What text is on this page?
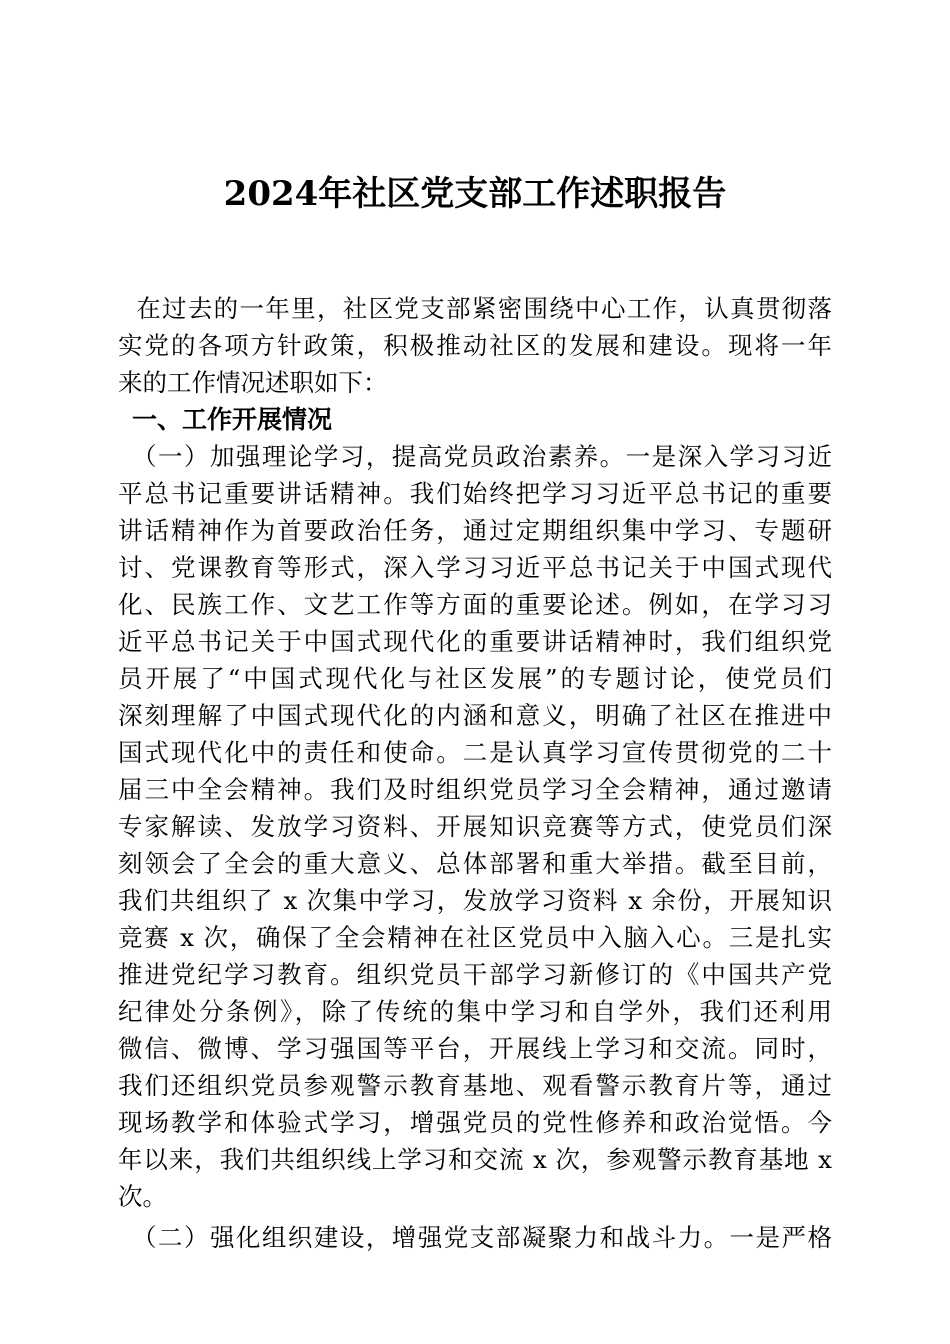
2024年社区党支部工作述职报告
在过去的一年里，社区党支部紧密围绕中心工作，认真贯彻落
实党的各项方针政策，积极推动社区的发展和建设。现将一年
来的工作情况述职如下：
一、工作开展情况
（一）加强理论学习，提高党员政治素养。一是深入学习习近
平总书记重要讲话精神。我们始终把学习习近平总书记的重要
讲话精神作为首要政治任务，通过定期组织集中学习、专题研
讨、党课教育等形式，深入学习习近平总书记关于中国式现代
化、民族工作、文艺工作等方面的重要论述。例如，在学习习
近平总书记关于中国式现代化的重要讲话精神时，我们组织党
员开展了“中国式现代化与社区发展”的专题讨论，使党员们
深刻理解了中国式现代化的内涵和意义，明确了社区在推进中
国式现代化中的责任和使命。二是认真学习宣传贯彻党的二十
届三中全会精神。我们及时组织党员学习全会精神，通过邀请
专家解读、发放学习资料、开展知识竞赛等方式，使党员们深
刻领会了全会的重大意义、总体部署和重大举措。截至目前，
我们共组织了 x 次集中学习，发放学习资料 x 余份，开展知识
竞赛 x 次，确保了全会精神在社区党员中入脑入心。三是扎实
推进党纪学习教育。组织党员干部学习新修订的《中国共产党
纪律处分条例》，除了传统的集中学习和自学外，我们还利用
微信、微博、学习强国等平台，开展线上学习和交流。同时，
我们还组织党员参观警示教育基地、观看警示教育片等，通过
现场教学和体验式学习，增强党员的党性修养和政治觉悟。今
年以来，我们共组织线上学习和交流 x 次，参观警示教育基地 x
次。
（二）强化组织建设，增强党支部凝聚力和战斗力。一是严格
